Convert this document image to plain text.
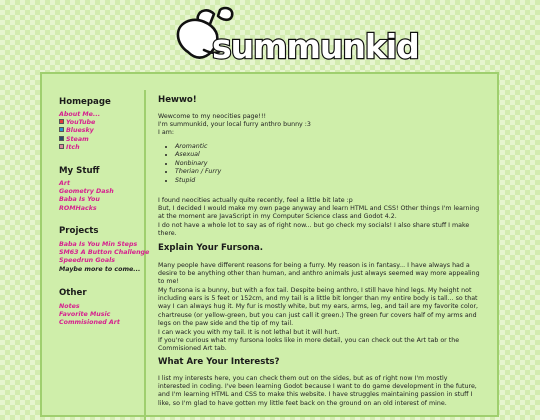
summunkid
Homepage
About Me...
YouTube
Bluesky
Steam
Itch
My Stuff
Art
Geometry Dash
Baba Is You
ROMHacks
Projects
Baba Is You Min Steps
SM63 A Button Challenge
Speedrun Goals
Maybe more to come...
Other
Notes
Favorite Music
Commisioned Art
Hewwo!

Wewcome to my neocities page!!!

I'm summunkid, your local furry anthro bunny :3

I am:

• Aromantic
• Asexual
• Nonbinary
• Therian / Furry
• Stupid

I found neocities actually quite recently, feel a little bit late :p

But, I decided I would make my own page anyway and learn HTML and CSS! Other things I'm learning at the moment are JavaScript in my Computer Science class and Godot 4.2.

I do not have a whole lot to say as of right now... but go check my socials! I also share stuff I make there.

Explain Your Fursona.

Many people have different reasons for being a furry. My reason is in fantasy... I have always had a desire to be anything other than human, and anthro animals just always seemed way more appealing to me!

My fursona is a bunny, but with a fox tail. Despite being anthro, I still have hind legs. My height not including ears is 5 feet or 152cm, and my tail is a little bit longer than my entire body is tall... so that way I can always hug it. My fur is mostly white, but my ears, arms, leg, and tail are my favorite color, chartreuse (or yellow-green, but you can just call it green.) The green fur covers half of my arms and legs on the paw side and the tip of my tail.

I can wack you with my tail. It is not lethal but it will hurt.

If you're curious what my fursona looks like in more detail, you can check out the Art tab or the Commisioned Art tab.

What Are Your Interests?

I list my interests here, you can check them out on the sides, but as of right now I'm mostly interested in coding. I've been learning Godot because I want to do game development in the future, and I'm learning HTML and CSS to make this website. I have struggles maintaining passion in stuff I like, so I'm glad to have gotten my little feet back on the ground on an old interest of mine.
